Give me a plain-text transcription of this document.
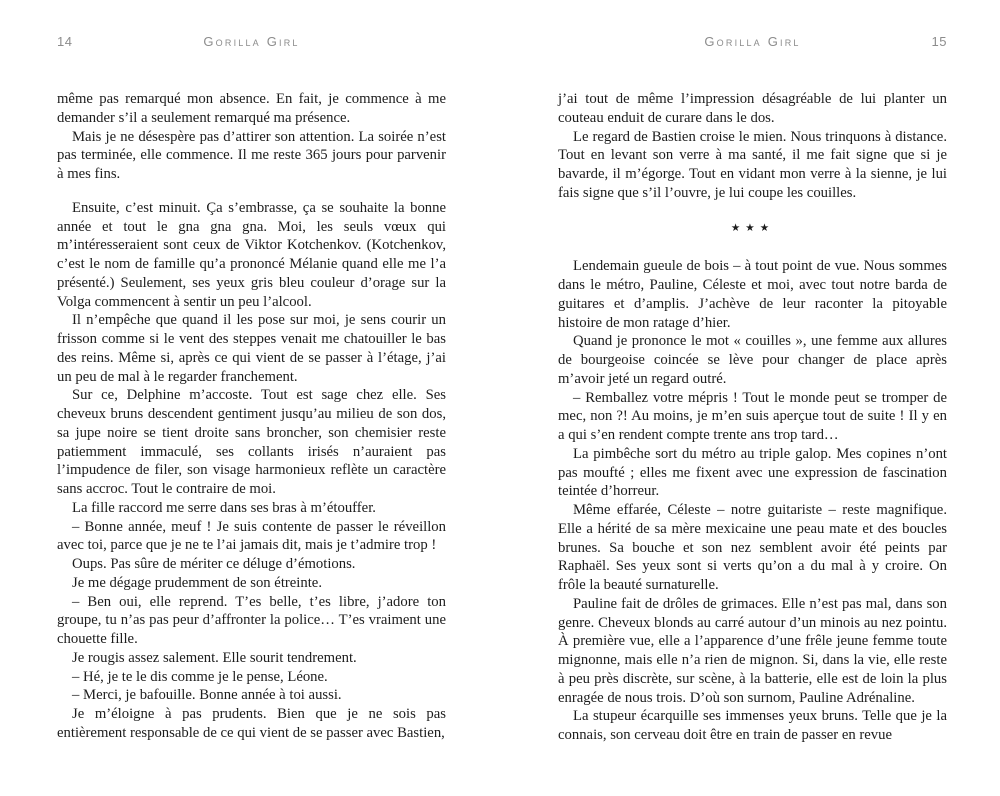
14	Gorilla Girl

même pas remarqué mon absence. En fait, je commence à me demander s’il a seulement remarqué ma présence.

Mais je ne désespère pas d’attirer son attention. La soirée n’est pas terminée, elle commence. Il me reste 365 jours pour parvenir à mes fins.

Ensuite, c’est minuit. Ça s’embrasse, ça se souhaite la bonne année et tout le gna gna gna. Moi, les seuls vœux qui m’intéresseraient sont ceux de Viktor Kotchenkov. (Kotchenkov, c’est le nom de famille qu’a prononcé Mélanie quand elle me l’a présenté.) Seulement, ses yeux gris bleu couleur d’orage sur la Volga commencent à sentir un peu l’alcool.

Il n’empêche que quand il les pose sur moi, je sens courir un frisson comme si le vent des steppes venait me chatouiller le bas des reins. Même si, après ce qui vient de se passer à l’étage, j’ai un peu de mal à le regarder franchement.

Sur ce, Delphine m’accoste. Tout est sage chez elle. Ses cheveux bruns descendent gentiment jusqu’au milieu de son dos, sa jupe noire se tient droite sans broncher, son chemisier reste patiemment immaculé, ses collants irisés n’auraient pas l’impudence de filer, son visage harmonieux reflète un caractère sans accroc. Tout le contraire de moi.

La fille raccord me serre dans ses bras à m’étouffer.

– Bonne année, meuf ! Je suis contente de passer le réveillon avec toi, parce que je ne te l’ai jamais dit, mais je t’admire trop !

Oups. Pas sûre de mériter ce déluge d’émotions.

Je me dégage prudemment de son étreinte.

– Ben oui, elle reprend. T’es belle, t’es libre, j’adore ton groupe, tu n’as pas peur d’affronter la police… T’es vraiment une chouette fille.

Je rougis assez salement. Elle sourit tendrement.

– Hé, je te le dis comme je le pense, Léone.

– Merci, je bafouille. Bonne année à toi aussi.

Je m’éloigne à pas prudents. Bien que je ne sois pas entièrement responsable de ce qui vient de se passer avec Bastien,

Gorilla Girl	15

j’ai tout de même l’impression désagréable de lui planter un couteau enduit de curare dans le dos.

Le regard de Bastien croise le mien. Nous trinquons à distance. Tout en levant son verre à ma santé, il me fait signe que si je bavarde, il m’égorge. Tout en vidant mon verre à la sienne, je lui fais signe que s’il l’ouvre, je lui coupe les couilles.

★★★

Lendemain gueule de bois – à tout point de vue. Nous sommes dans le métro, Pauline, Céleste et moi, avec tout notre barda de guitares et d’amplis. J’achève de leur raconter la pitoyable histoire de mon ratage d’hier.

Quand je prononce le mot « couilles », une femme aux allures de bourgeoise coincée se lève pour changer de place après m’avoir jeté un regard outré.

– Remballez votre mépris ! Tout le monde peut se tromper de mec, non ?! Au moins, je m’en suis aperçue tout de suite ! Il y en a qui s’en rendent compte trente ans trop tard…

La pimbêche sort du métro au triple galop. Mes copines n’ont pas moufté ; elles me fixent avec une expression de fascination teintée d’horreur.

Même effarée, Céleste – notre guitariste – reste magnifique. Elle a hérité de sa mère mexicaine une peau mate et des boucles brunes. Sa bouche et son nez semblent avoir été peints par Raphaël. Ses yeux sont si verts qu’on a du mal à y croire. On frôle la beauté surnaturelle.

Pauline fait de drôles de grimaces. Elle n’est pas mal, dans son genre. Cheveux blonds au carré autour d’un minois au nez pointu. À première vue, elle a l’apparence d’une frêle jeune femme toute mignonne, mais elle n’a rien de mignon. Si, dans la vie, elle reste à peu près discrète, sur scène, à la batterie, elle est de loin la plus enragée de nous trois. D’où son surnom, Pauline Adrénaline.

La stupeur écarquille ses immenses yeux bruns. Telle que je la connais, son cerveau doit être en train de passer en revue
